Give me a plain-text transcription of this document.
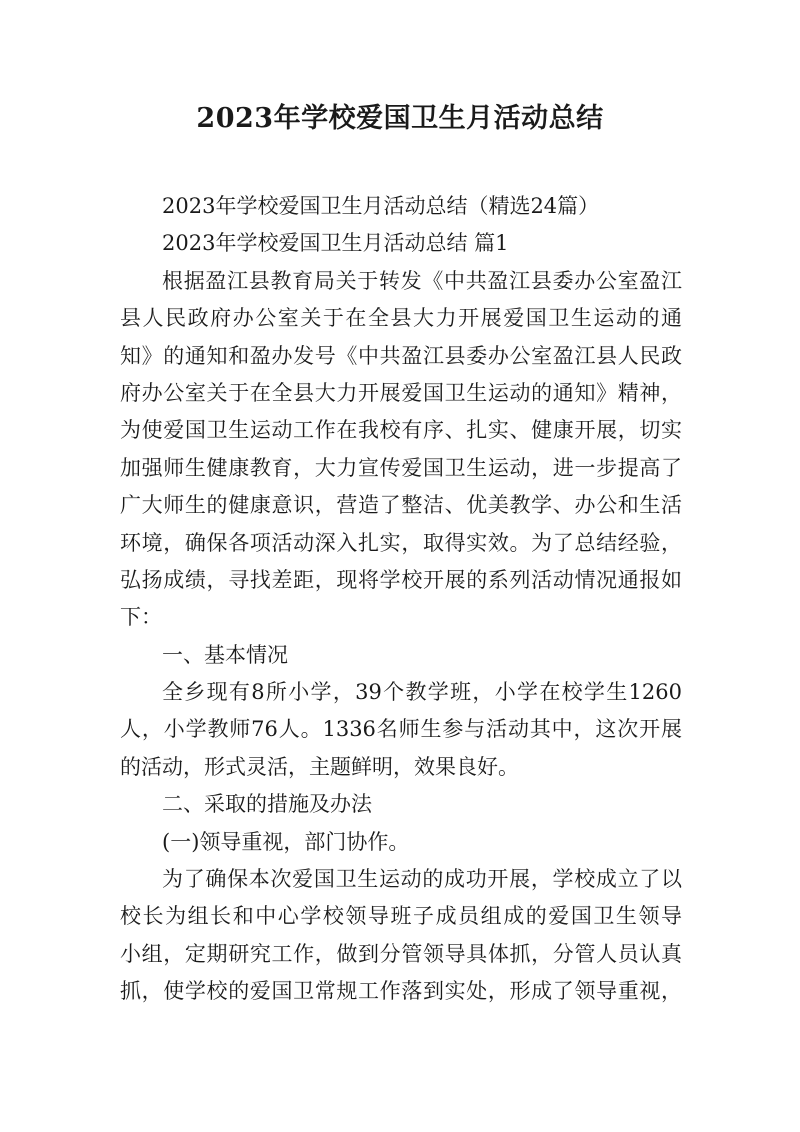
2023年学校爱国卫生月活动总结
2023年学校爱国卫生月活动总结（精选24篇）
2023年学校爱国卫生月活动总结 篇1
根据盈江县教育局关于转发《中共盈江县委办公室盈江
县人民政府办公室关于在全县大力开展爱国卫生运动的通
知》的通知和盈办发号《中共盈江县委办公室盈江县人民政
府办公室关于在全县大力开展爱国卫生运动的通知》精神，
为使爱国卫生运动工作在我校有序、扎实、健康开展，切实
加强师生健康教育，大力宣传爱国卫生运动，进一步提高了
广大师生的健康意识，营造了整洁、优美教学、办公和生活
环境，确保各项活动深入扎实，取得实效。为了总结经验，
弘扬成绩，寻找差距，现将学校开展的系列活动情况通报如
下：
一、基本情况
全乡现有8所小学，39个教学班，小学在校学生1260
人，小学教师76人。1336名师生参与活动其中，这次开展
的活动，形式灵活，主题鲜明，效果良好。
二、采取的措施及办法
(一)领导重视，部门协作。
为了确保本次爱国卫生运动的成功开展，学校成立了以
校长为组长和中心学校领导班子成员组成的爱国卫生领导
小组，定期研究工作，做到分管领导具体抓，分管人员认真
抓，使学校的爱国卫常规工作落到实处，形成了领导重视，
